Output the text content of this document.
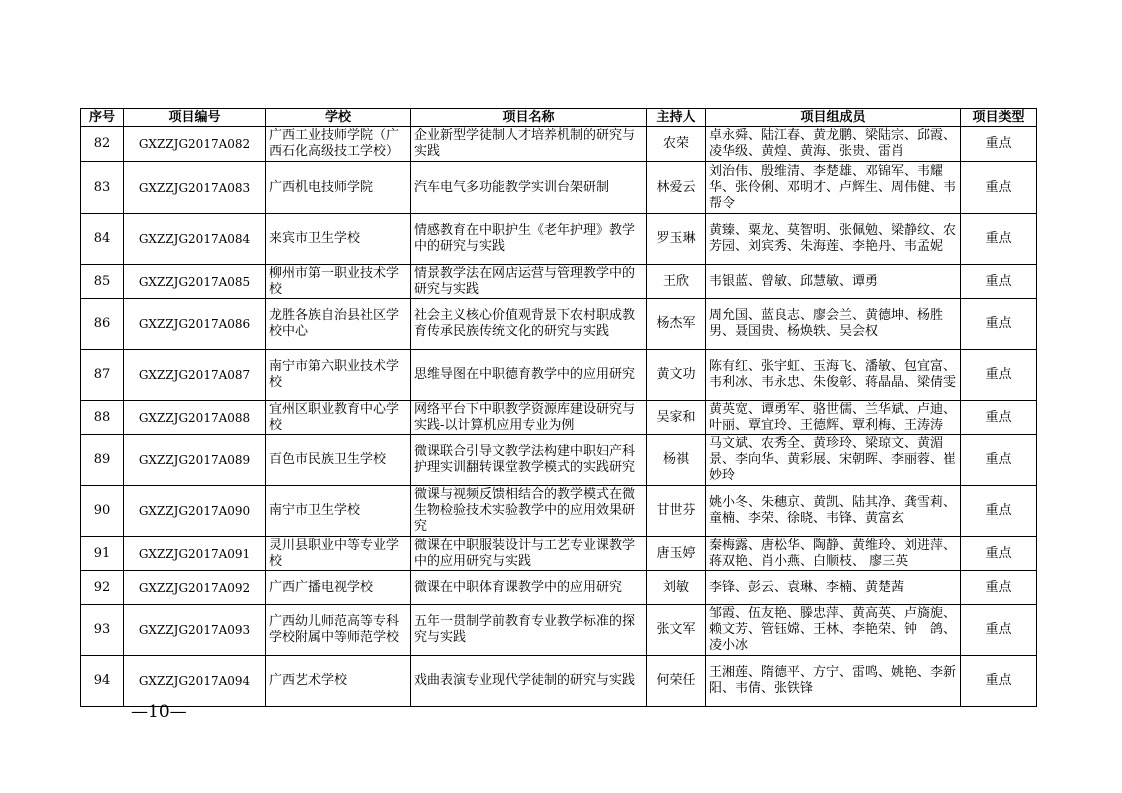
序号	项目编号	学校	项目名称	主持人	项目组成员	项目类型
82	GXZZJG2017A082	广西工业技师学院（广西石化高级技工学校）	企业新型学徒制人才培养机制的研究与实践	农荣	卓永舜、陆江春、黄龙鹏、梁陆宗、邱霞、凌华级、黄煌、黄海、张贵、雷肖	重点
83	GXZZJG2017A083	广西机电技师学院	汽车电气多功能教学实训台架研制	林爱云	刘治伟、殷维清、李楚雄、邓锦军、韦耀华、张伶俐、邓明才、卢辉生、周伟健、韦帮令	重点
84	GXZZJG2017A084	来宾市卫生学校	情感教育在中职护生《老年护理》教学中的研究与实践	罗玉琳	黄臻、粟龙、莫智明、张佩勉、梁静纹、农芳园、刘宾秀、朱海莲、李艳丹、韦孟妮	重点
85	GXZZJG2017A085	柳州市第一职业技术学校	情景教学法在网店运营与管理教学中的研究与实践	王欣	韦银蓝、曾敏、邱慧敏、谭勇	重点
86	GXZZJG2017A086	龙胜各族自治县社区学校中心	社会主义核心价值观背景下农村职成教育传承民族传统文化的研究与实践	杨杰军	周允国、蓝良志、廖会兰、黄德坤、杨胜男、聂国贵、杨焕轶、吴会权	重点
87	GXZZJG2017A087	南宁市第六职业技术学校	思维导图在中职德育教学中的应用研究	黄文功	陈有红、张宇虹、玉海飞、潘敏、包宜富、韦利冰、韦永忠、朱俊彰、蒋晶晶、梁倩雯	重点
88	GXZZJG2017A088	宜州区职业教育中心学校	网络平台下中职教学资源库建设研究与实践-以计算机应用专业为例	吴家和	黄英宽、谭勇军、骆世儒、兰华斌、卢迪、叶丽、覃宜玲、王德辉、覃利梅、王涛涛	重点
89	GXZZJG2017A089	百色市民族卫生学校	微课联合引导文教学法构建中职妇产科护理实训翻转课堂教学模式的实践研究	杨祺	马文斌、农秀全、黄珍玲、梁琼文、黄湄景、李向华、黄彩展、宋朝晖、李丽蓉、崔妙玲	重点
90	GXZZJG2017A090	南宁市卫生学校	微课与视频反馈相结合的教学模式在微生物检验技术实验教学中的应用效果研究	甘世芬	姚小冬、朱穗京、黄凯、陆其净、龚雪莉、童楠、李荣、徐晓、韦锋、黄富玄	重点
91	GXZZJG2017A091	灵川县职业中等专业学校	微课在中职服装设计与工艺专业课教学中的应用研究与实践	唐玉婷	秦梅露、唐松华、陶静、黄维玲、刘进萍、蒋双艳、肖小燕、白顺枝、 廖三英	重点
92	GXZZJG2017A092	广西广播电视学校	微课在中职体育课教学中的应用研究	刘敏	李锋、彭云、袁琳、李楠、黄楚茜	重点
93	GXZZJG2017A093	广西幼儿师范高等专科学校附属中等师范学校	五年一贯制学前教育专业教学标准的探究与实践	张文军	邹霞、伍友艳、滕忠萍、黄高英、卢旖旎、赖文芳、管钰嫦、王林、李艳荣、钟　鸽、凌小冰	重点
94	GXZZJG2017A094	广西艺术学校	戏曲表演专业现代学徒制的研究与实践	何荣任	王湘莲、隋德平、方宁、雷鸣、姚艳、李新阳、韦倩、张铁锋	重点
—10—
